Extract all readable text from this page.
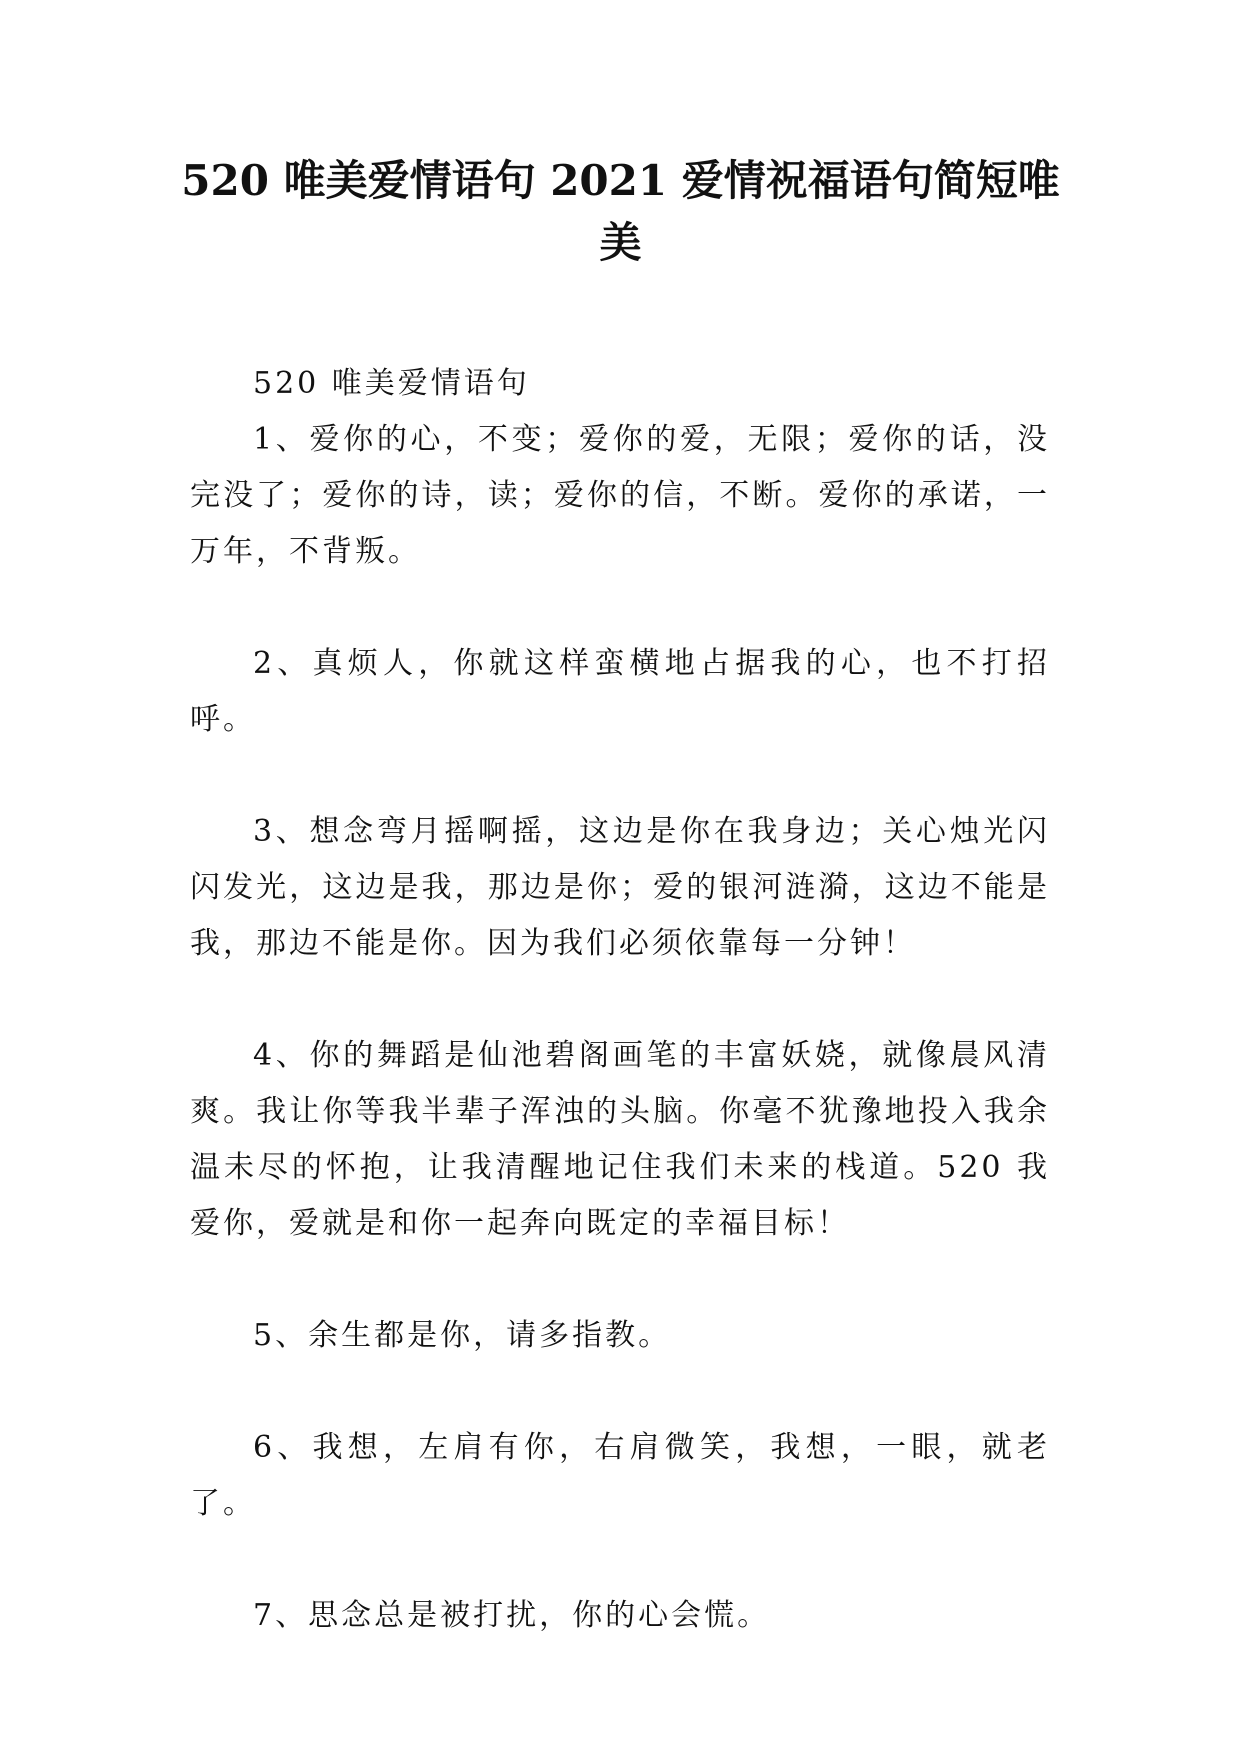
520 唯美爱情语句 2021 爱情祝福语句简短唯美

520 唯美爱情语句

1、爱你的心，不变；爱你的爱，无限；爱你的话，没完没了；爱你的诗，读；爱你的信，不断。爱你的承诺，一万年，不背叛。

2、真烦人，你就这样蛮横地占据我的心，也不打招呼。

3、想念弯月摇啊摇，这边是你在我身边；关心烛光闪闪发光，这边是我，那边是你；爱的银河涟漪，这边不能是我，那边不能是你。因为我们必须依靠每一分钟！

4、你的舞蹈是仙池碧阁画笔的丰富妖娆，就像晨风清爽。我让你等我半辈子浑浊的头脑。你毫不犹豫地投入我余温未尽的怀抱，让我清醒地记住我们未来的栈道。520 我爱你，爱就是和你一起奔向既定的幸福目标！

5、余生都是你，请多指教。

6、我想，左肩有你，右肩微笑，我想，一眼，就老了。

7、思念总是被打扰，你的心会慌。
